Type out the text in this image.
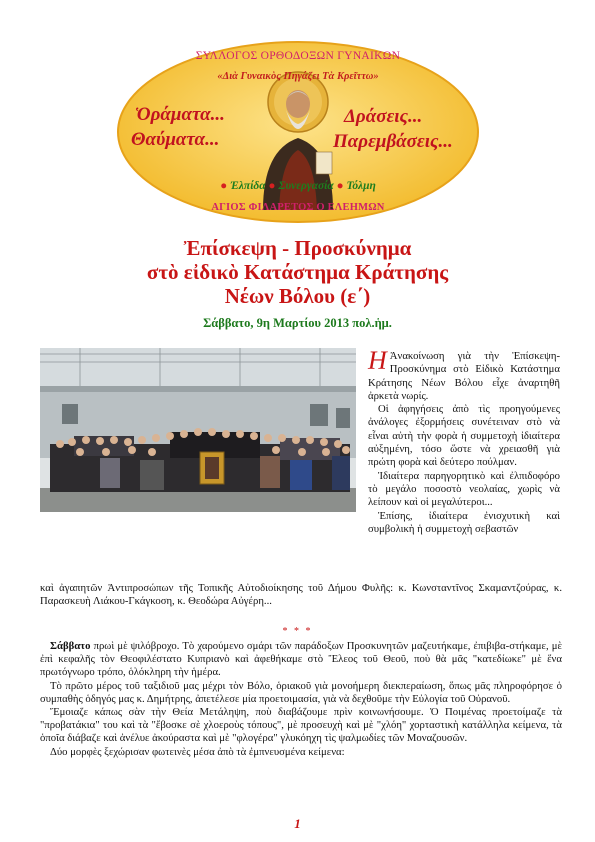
ΣΥΛΛΟΓΟΣ ΟΡΘΟΔΟΞΩΝ ΓΥΝΑΙΚΩΝ
«Διὰ Γυναικὸς Πηγάζει Τὰ Κρεῖττω»
Ὁράματα...
Θαύματα...
Δράσεις...
Παρεμβάσεις...
● Ἐλπίδα ● Συνεργασία ● Τόλμη
ΑΓΙΟΣ ΦΙΛΑΡΕΤΟΣ Ο ΕΛΕΗΜΩΝ
Ἐπίσκεψη - Προσκύνημα
στὸ εἰδικὸ Κατάστημα Κράτησης
Νέων Βόλου (ε΄)
Σάββατο, 9η Μαρτίου 2013 πολ.ἡμ.

Η Ἀνακοίνωση γιὰ τὴν Ἐπίσκεψη-Προσκύνημα στὸ Εἰδικὸ Κατάστημα Κράτησης Νέων Βόλου εἶχε ἀναρτηθῆ ἀρκετὰ νωρίς.

Οἱ ἀφηγήσεις ἀπὸ τὶς προηγούμενες ἀνάλογες ἐξορμήσεις συνέτειναν στὸ νὰ εἶναι αὐτὴ τὴν φορὰ ἡ συμμετοχὴ ἰδιαίτερα αὐξημένη, τόσο ὥστε νὰ χρειασθῆ γιὰ πρώτη φορὰ καὶ δεύτερο πούλμαν.

Ἰδιαίτερα παρηγορητικὸ καὶ ἐλπιδοφόρο τὸ μεγάλο ποσοστὸ νεολαίας, χωρὶς νὰ λείπουν καὶ οἱ μεγαλύτεροι...

Ἐπίσης, ἰδιαίτερα ἐνισχυτικὴ καὶ συμβολικὴ ἡ συμμετοχὴ σεβαστῶν

καὶ ἀγαπητῶν Ἀντιπροσώπων τῆς Τοπικῆς Αὐτοδιοίκησης τοῦ Δήμου Φυλῆς: κ. Κωνσταντῖνος Σκαμαντζούρας, κ. Παρασκευὴ Λιάκου-Γκάγκοση, κ. Θεοδώρα Αὐγέρη...

* * *

Σάββατο πρωὶ μὲ ψιλόβροχο. Τὸ χαρούμενο σμάρι τῶν παράδοξων Προσκυνητῶν μαζευτήκαμε, ἐπιβιβα-στήκαμε, μὲ ἐπὶ κεφαλῆς τὸν Θεοφιλέστατο Κυπριανὸ καὶ ἀφεθήκαμε στὸ Ἔλεος τοῦ Θεοῦ, ποὺ θὰ μᾶς "κατεδίωκε" μὲ ἕνα πρωτόγνωρο τρόπο, ὁλόκληρη τὴν ἡμέρα.

Τὸ πρῶτο μέρος τοῦ ταξιδιοῦ μας μέχρι τὸν Βόλο, ὁριακοῦ γιὰ μονοήμερη διεκπεραίωση, ὅπως μᾶς πληροφόρησε ὁ συμπαθὴς ὁδηγός μας κ. Δημήτρης, ἀπετέλεσε μία προετοιμασία, γιὰ νὰ δεχθοῦμε τὴν Εὐλογία τοῦ Οὐρανοῦ.

Ἔμοιαζε κάπως σὰν τὴν Θεία Μετάληψη, ποὺ διαβάζουμε πρὶν κοινωνήσουμε. Ὁ Ποιμένας προετοίμαζε τὰ "προβατάκια" του καὶ τὰ "ἔβοσκε σὲ χλοεροὺς τόπους", μὲ προσευχὴ καὶ μὲ "χλόη" χορταστικὴ κατάλληλα κείμενα, τὰ ὁποῖα διάβαζε καὶ ἀνέλυε ἀκούραστα καὶ μὲ "φλογέρα" γλυκόηχη τὶς ψαλμωδίες τῶν Μοναζουσῶν.

Δύο μορφὲς ξεχώρισαν φωτεινὲς μέσα ἀπὸ τὰ ἐμπνευσμένα κείμενα:

1
